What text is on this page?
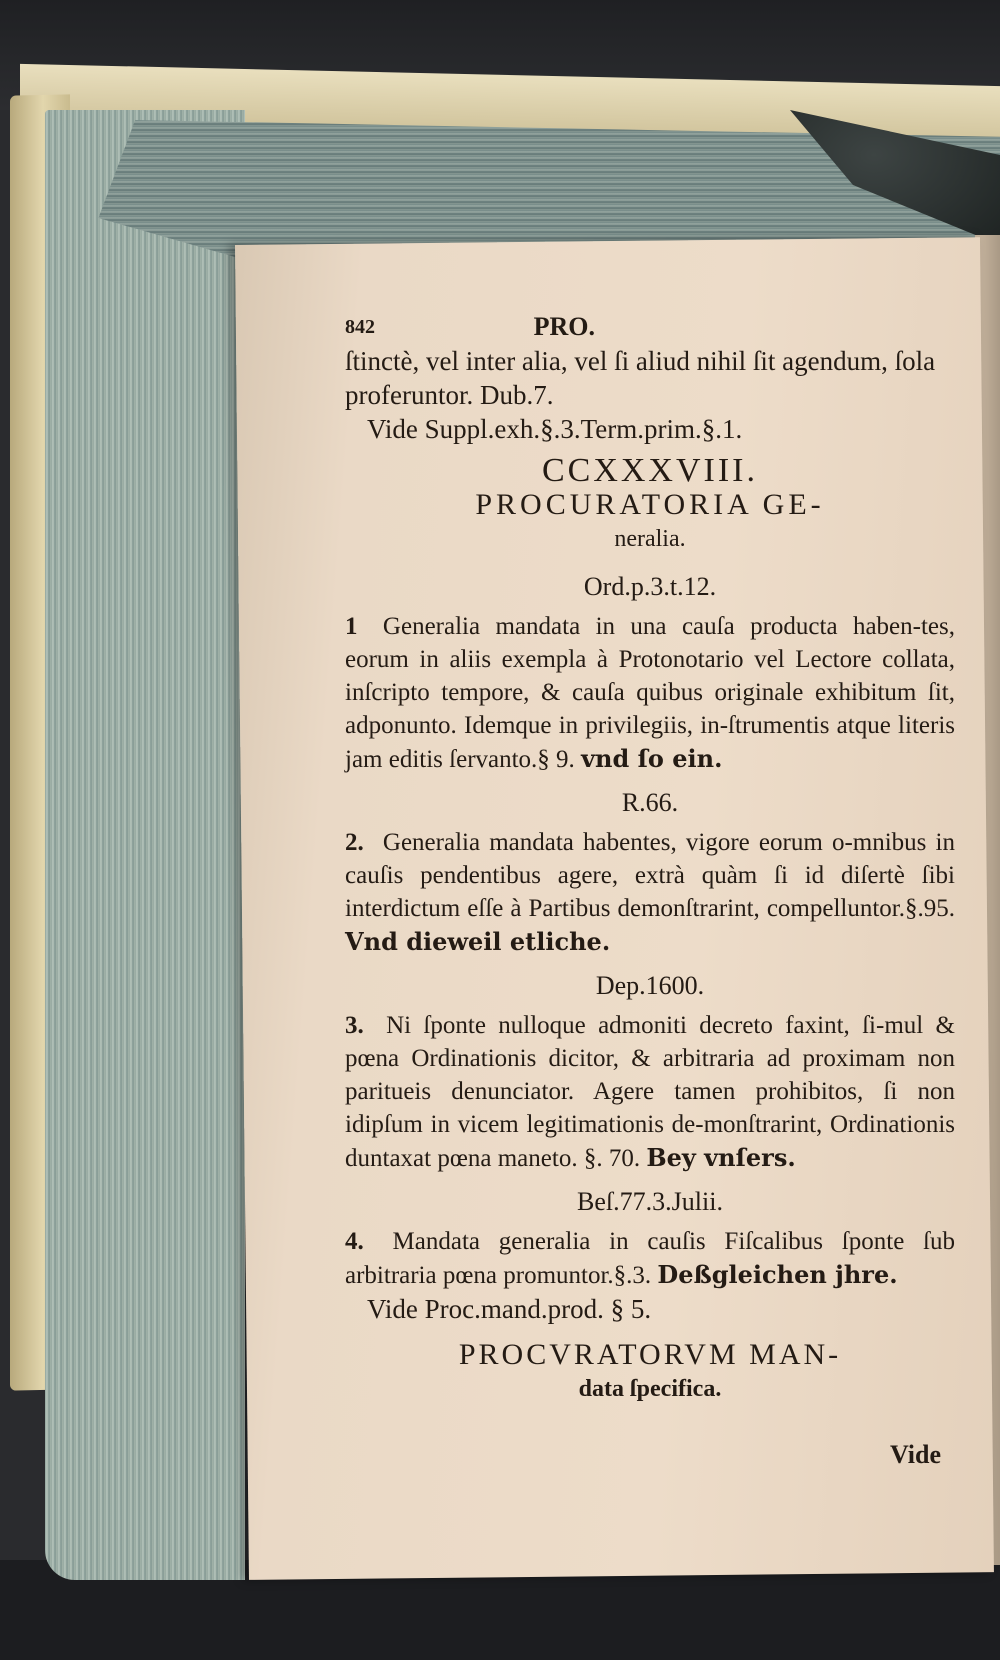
842	PRO.

ſtinctè, vel inter alia, vel ſi aliud nihil ſit agendum, ſola

proferuntor. Dub.7.

Vide Suppl.exh.§.3.Term.prim.§.1.

CCXXXVIII.

PROCURATORIA GE-

neralia.

Ord.p.3.t.12.

1 Generalia mandata in una cauſa producta haben-tes, eorum in aliis exempla à Protonotario vel Lectore collata, inſcripto tempore, & cauſa quibus originale exhibitum ſit, adponunto. Idemque in privilegiis, in-ſtrumentis atque literis jam editis ſervanto.§ 9. vnd ſo ein.

R.66.

2. Generalia mandata habentes, vigore eorum o-mnibus in cauſis pendentibus agere, extrà quàm ſi id diſertè ſibi interdictum eſſe à Partibus demonſtrarint, compelluntor.§.95. Vnd dieweil etliche.

Dep.1600.

3. Ni ſponte nulloque admoniti decreto faxint, ſi-mul & pœna Ordinationis dicitor, & arbitraria ad proximam non paritueis denunciator. Agere tamen prohibitos, ſi non idipſum in vicem legitimationis de-monſtrarint, Ordinationis duntaxat pœna maneto. §. 70. Bey vnſers.

Beſ.77.3.Julii.

4. Mandata generalia in cauſis Fiſcalibus ſponte ſub arbitraria pœna promuntor.§.3. Deßgleichen jhre.

Vide Proc.mand.prod. § 5.

PROCVRATORVM MAN-

data ſpecifica.

Vide
